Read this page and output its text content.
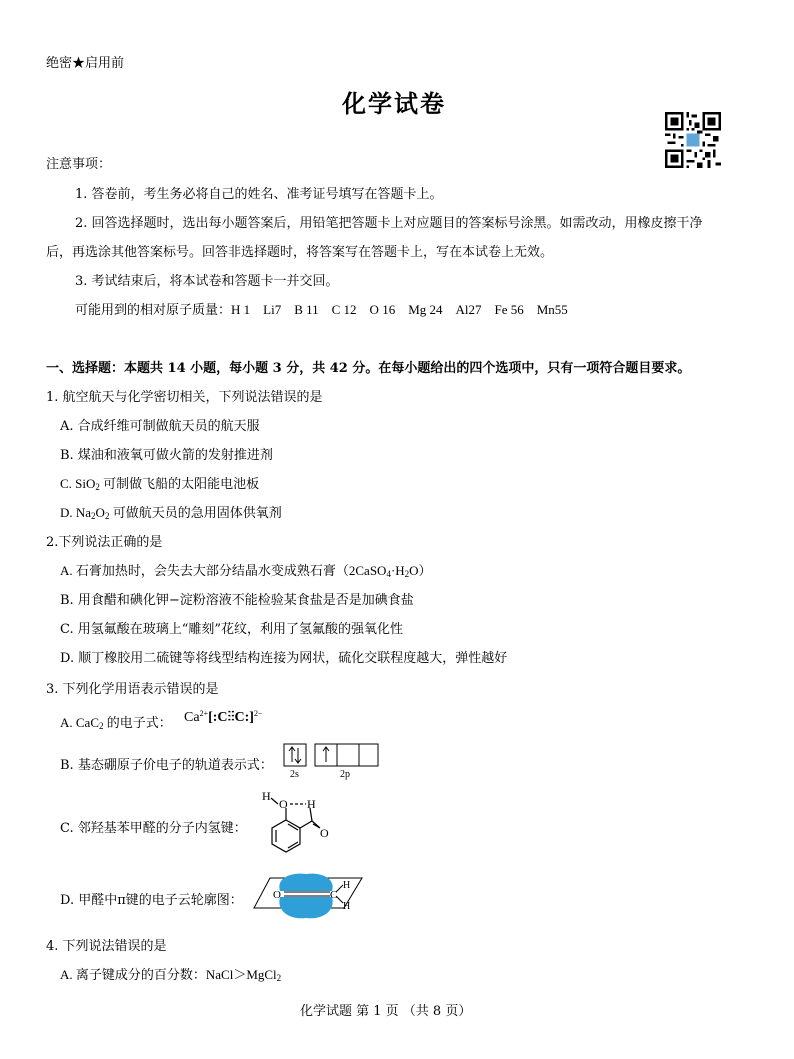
绝密★启用前
化学试卷
注意事项：
1. 答卷前，考生务必将自己的姓名、准考证号填写在答题卡上。
2. 回答选择题时，选出每小题答案后，用铅笔把答题卡上对应题目的答案标号涂黑。如需改动，用橡皮擦干净
后，再选涂其他答案标号。回答非选择题时，将答案写在答题卡上，写在本试卷上无效。
3. 考试结束后，将本试卷和答题卡一并交回。
可能用到的相对原子质量：H 1　Li7　B 11　C 12　O 16　Mg 24　Al27　Fe 56　Mn55
一、选择题：本题共 14 小题，每小题 3 分，共 42 分。在每小题给出的四个选项中，只有一项符合题目要求。
1. 航空航天与化学密切相关，下列说法错误的是
A. 合成纤维可制做航天员的航天服
B. 煤油和液氧可做火箭的发射推进剂
C. SiO$_2$ 可制做飞船的太阳能电池板
D. $Na_2O_2$ 可做航天员的急用固体供氧剂
2.下列说法正确的是
A. 石膏加热时，会失去大部分结晶水变成熟石膏$(2CaSO_4\cdot H_2O)$
B. 用食醋和碘化钾−淀粉溶液不能检验某食盐是否是加碘食盐
C. 用氢氟酸在玻璃上“雕刻”花纹，利用了氢氟酸的强氧化性
D. 顺丁橡胶用二硫键等将线型结构连接为网状，硫化交联程度越大，弹性越好
3. 下列化学用语表示错误的是
A. CaC$_2$ 的电子式： $Ca^{2+}[:C⫶⫶C:]^{2-}$
B. 基态硼原子价电子的轨道表示式：
2s	2p
C. 邻羟基苯甲醛的分子内氢键：
H
O H
O
D. 甲醛中π键的电子云轮廓图：	O	C
H
H
4. 下列说法错误的是
A. 离子键成分的百分数：NaCl＞MgCl$_2$
化学试题 第 1 页 （共 8 页）
